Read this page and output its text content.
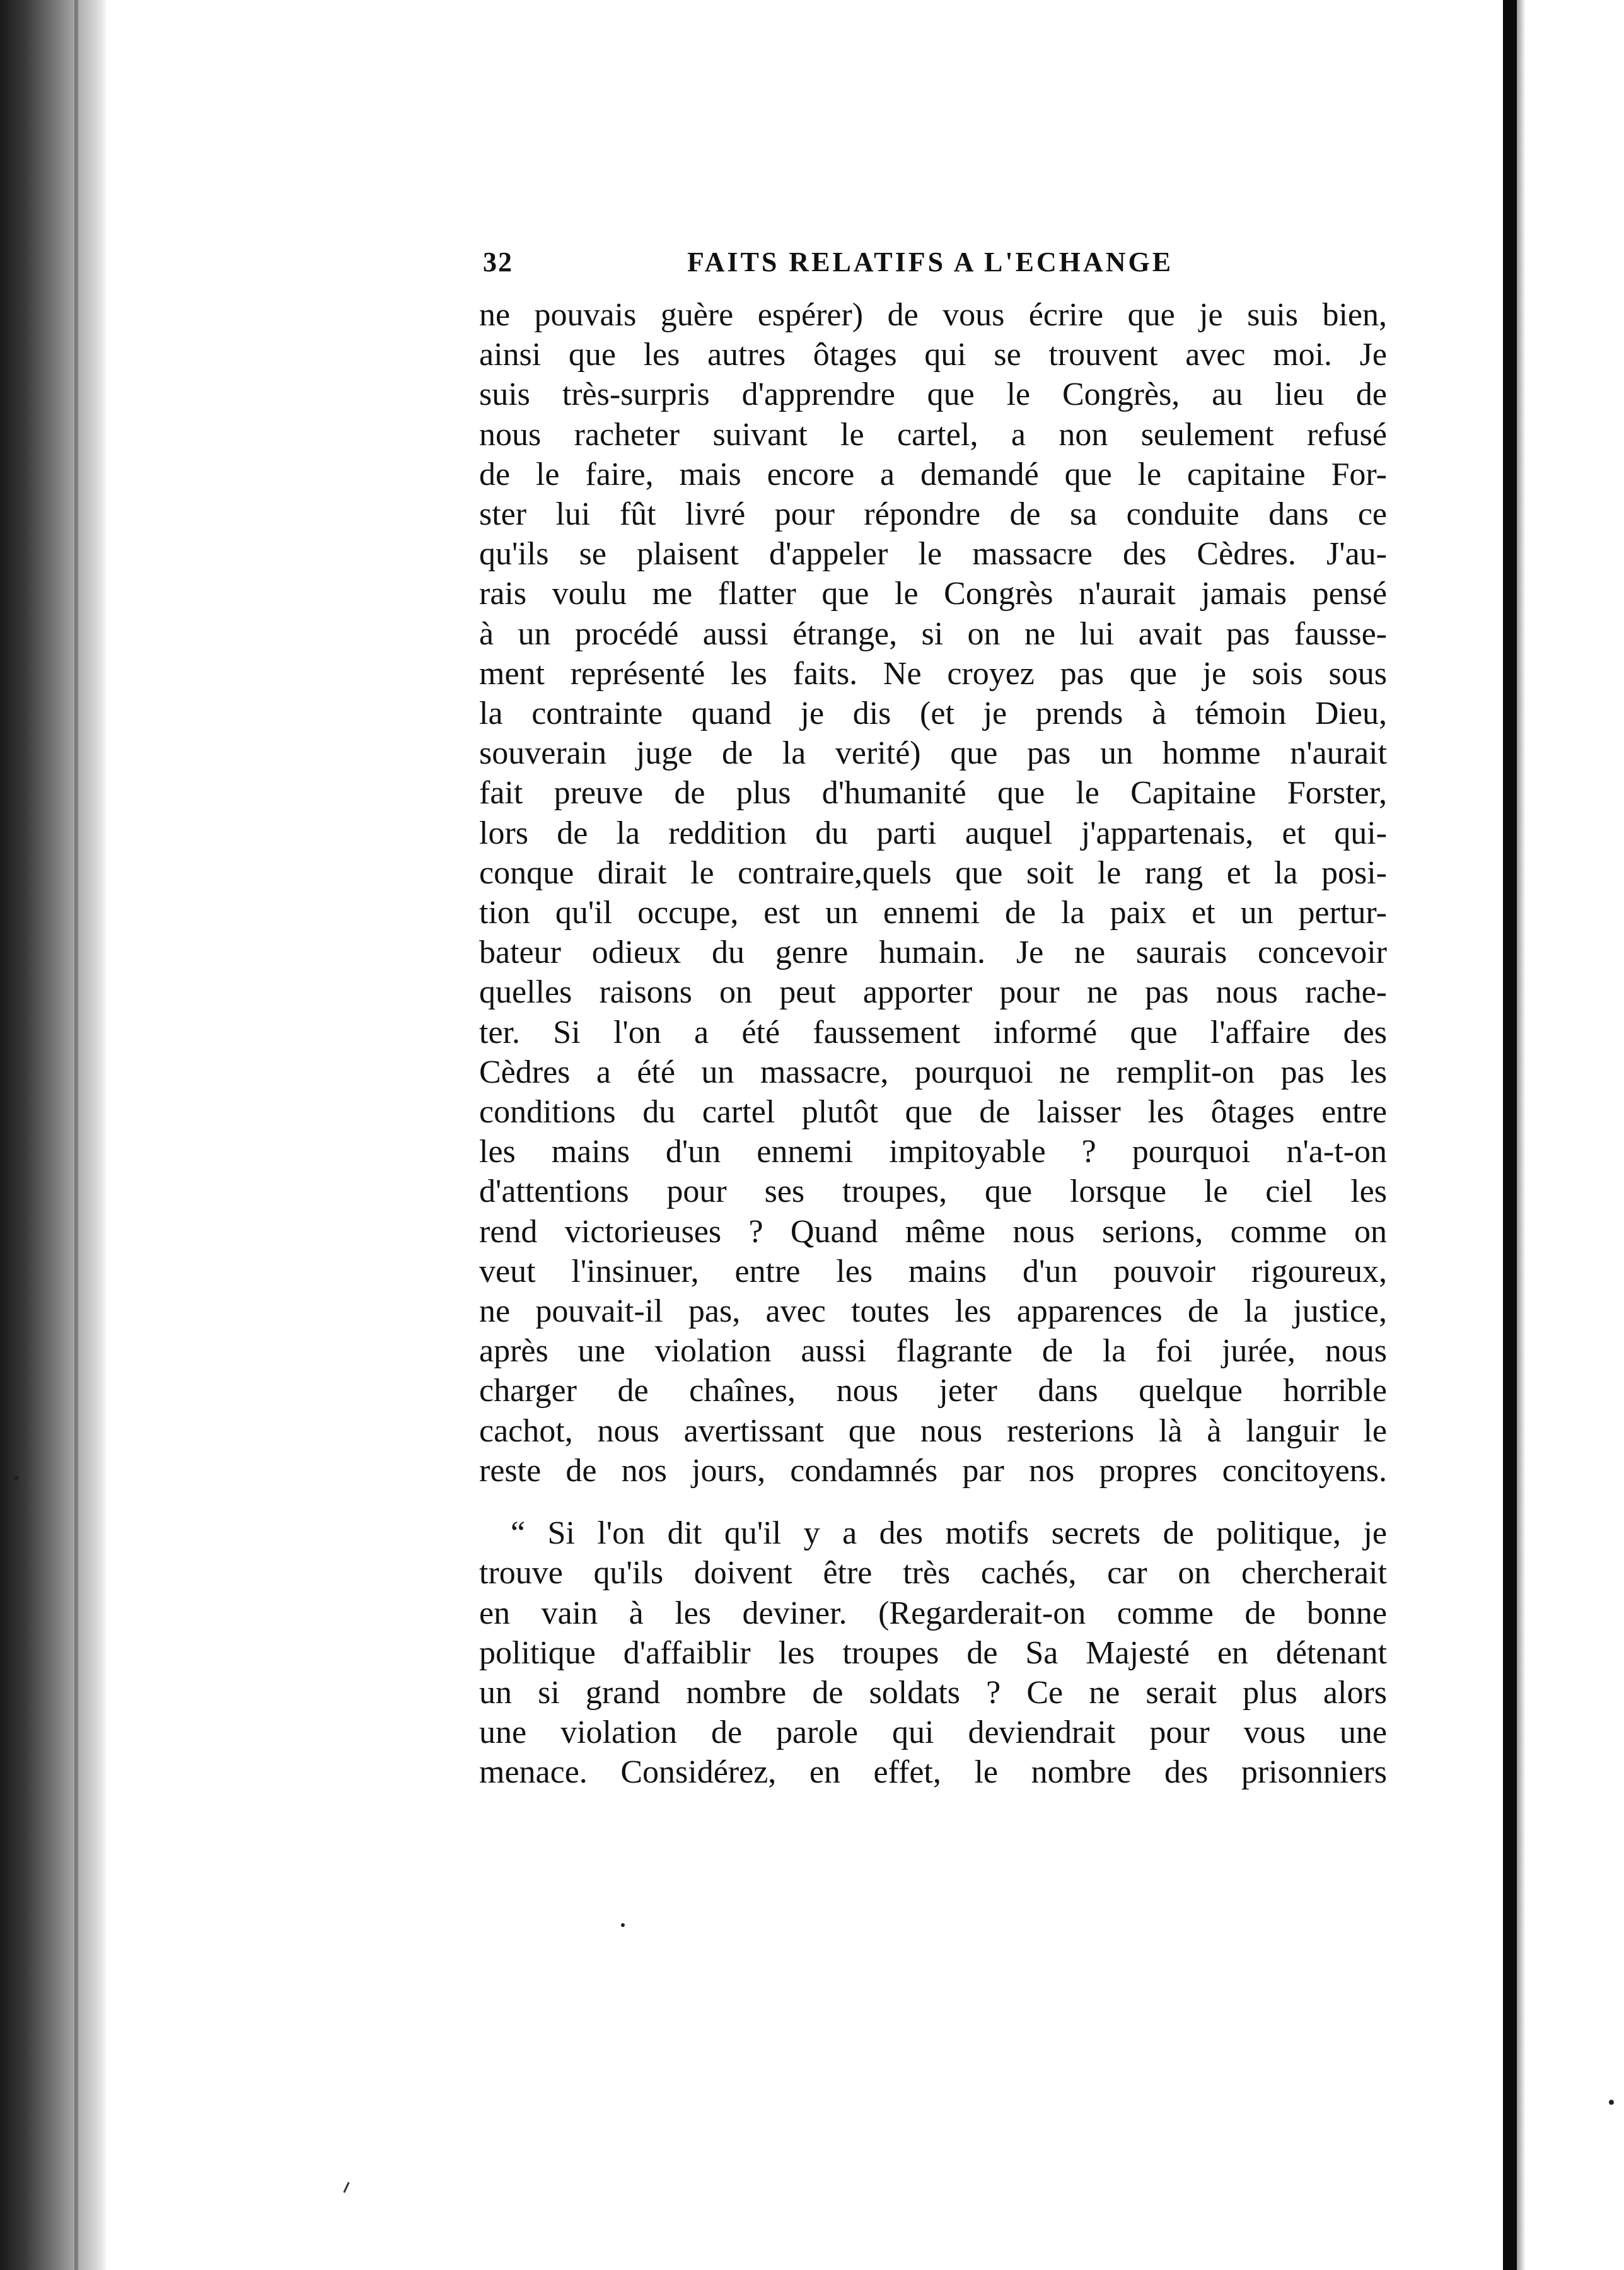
32	FAITS RELATIFS A L'ECHANGE
ne pouvais guère espérer) de vous écrire que je suis bien,
ainsi que les autres ôtages qui se trouvent avec moi. Je
suis très-surpris d'apprendre que le Congrès, au lieu de
nous racheter suivant le cartel, a non seulement refusé
de le faire, mais encore a demandé que le capitaine For-
ster lui fût livré pour répondre de sa conduite dans ce
qu'ils se plaisent d'appeler le massacre des Cèdres. J'au-
rais voulu me flatter que le Congrès n'aurait jamais pensé
à un procédé aussi étrange, si on ne lui avait pas fausse-
ment représenté les faits. Ne croyez pas que je sois sous
la contrainte quand je dis (et je prends à témoin Dieu,
souverain juge de la verité) que pas un homme n'aurait
fait preuve de plus d'humanité que le Capitaine Forster,
lors de la reddition du parti auquel j'appartenais, et qui-
conque dirait le contraire,quels que soit le rang et la posi-
tion qu'il occupe, est un ennemi de la paix et un pertur-
bateur odieux du genre humain. Je ne saurais concevoir
quelles raisons on peut apporter pour ne pas nous rache-
ter. Si l'on a été faussement informé que l'affaire des
Cèdres a été un massacre, pourquoi ne remplit-on pas les
conditions du cartel plutôt que de laisser les ôtages entre
les mains d'un ennemi impitoyable ? pourquoi n'a-t-on
d'attentions pour ses troupes, que lorsque le ciel les
rend victorieuses ? Quand même nous serions, comme on
veut l'insinuer, entre les mains d'un pouvoir rigoureux,
ne pouvait-il pas, avec toutes les apparences de la justice,
après une violation aussi flagrante de la foi jurée, nous
charger de chaînes, nous jeter dans quelque horrible
cachot, nous avertissant que nous resterions là à languir le
reste de nos jours, condamnés par nos propres concitoyens.
“ Si l'on dit qu'il y a des motifs secrets de politique, je
trouve qu'ils doivent être très cachés, car on chercherait
en vain à les deviner. (Regarderait-on comme de bonne
politique d'affaiblir les troupes de Sa Majesté en détenant
un si grand nombre de soldats ? Ce ne serait plus alors
une violation de parole qui deviendrait pour vous une
menace. Considérez, en effet, le nombre des prisonniers
